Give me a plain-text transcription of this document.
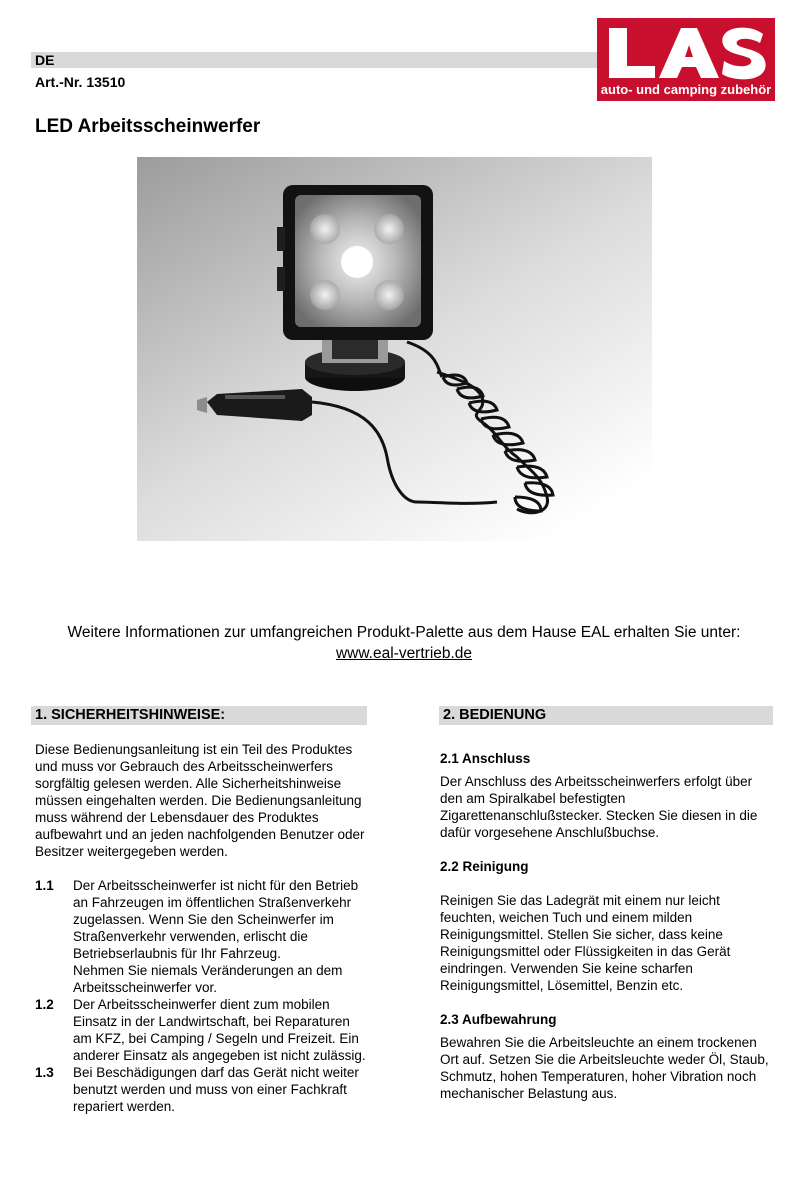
DE
Art.-Nr. 13510	auto- und camping zubehör
LED Arbeitsscheinwerfer
Weitere Informationen zur umfangreichen Produkt-Palette aus dem Hause EAL erhalten Sie unter:
www.eal-vertrieb.de
1. SICHERHEITSHINWEISE:	2. BEDIENUNG

Diese Bedienungsanleitung ist ein Teil des Produktes und muss vor Gebrauch des Arbeitsscheinwerfers sorgfältig gelesen werden. Alle Sicherheitshinweise müssen eingehalten werden. Die Bedienungsanleitung muss während der Lebensdauer des Produktes aufbewahrt und an jeden nachfolgenden Benutzer oder Besitzer weitergegeben werden.

1.1	Der Arbeitsscheinwerfer ist nicht für den Betrieb an Fahrzeugen im öffentlichen Straßenverkehr zugelassen. Wenn Sie den Scheinwerfer im Straßenverkehr verwenden, erlischt die Betriebserlaubnis für Ihr Fahrzeug.
Nehmen Sie niemals Veränderungen an dem Arbeitsscheinwerfer vor.
1.2	Der Arbeitsscheinwerfer dient zum mobilen Einsatz in der Landwirtschaft, bei Reparaturen am KFZ, bei Camping / Segeln und Freizeit. Ein anderer Einsatz als angegeben ist nicht zulässig.
1.3	Bei Beschädigungen darf das Gerät nicht weiter benutzt werden und muss von einer Fachkraft repariert werden.
2.1 Anschluss

Der Anschluss des Arbeitsscheinwerfers erfolgt über den am Spiralkabel befestigten Zigarettenanschlußstecker. Stecken Sie diesen in die dafür vorgesehene Anschlußbuchse.

2.2 Reinigung

Reinigen Sie das Ladegrät mit einem nur leicht feuchten, weichen Tuch und einem milden Reinigungsmittel. Stellen Sie sicher, dass keine Reinigungsmittel oder Flüssigkeiten in das Gerät eindringen. Verwenden Sie keine scharfen Reinigungsmittel, Lösemittel, Benzin etc.

2.3 Aufbewahrung

Bewahren Sie die Arbeitsleuchte an einem trockenen Ort auf. Setzen Sie die Arbeitsleuchte weder Öl, Staub, Schmutz, hohen Temperaturen, hoher Vibration noch mechanischer Belastung aus.
